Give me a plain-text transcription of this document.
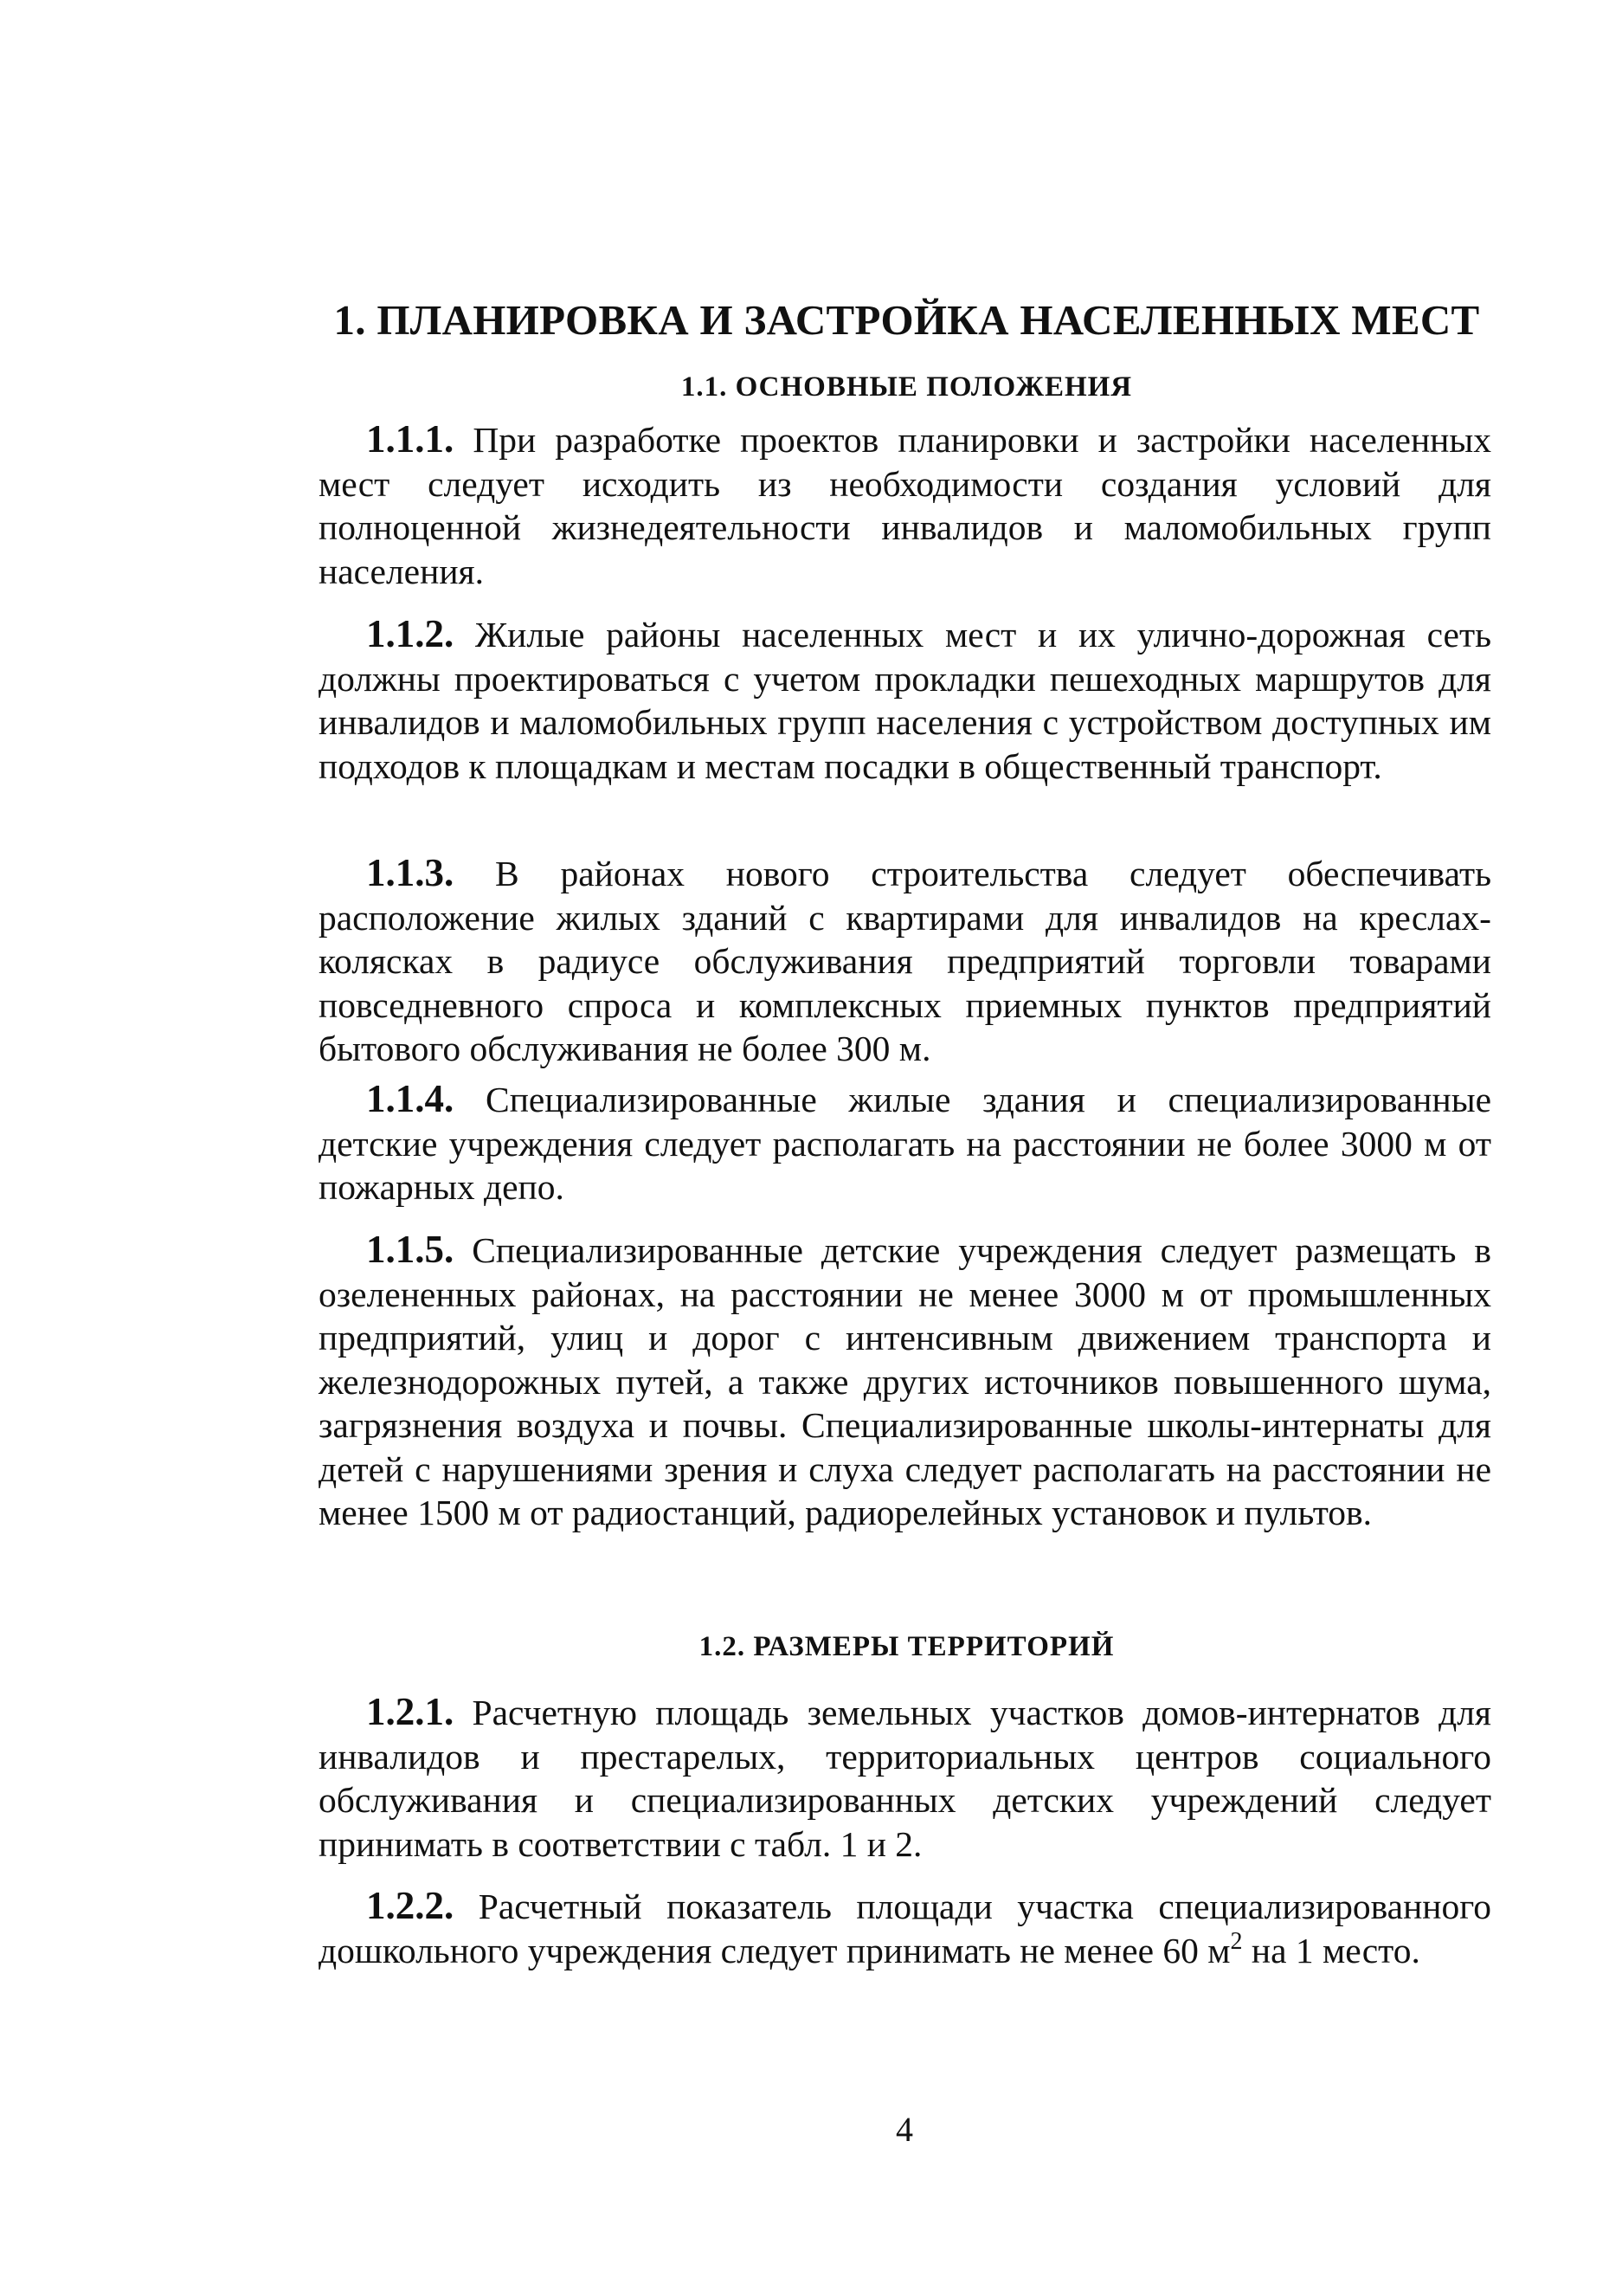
1. ПЛАНИРОВКА И ЗАСТРОЙКА НАСЕЛЕННЫХ МЕСТ
1.1. ОСНОВНЫЕ ПОЛОЖЕНИЯ

1.1.1. При разработке проектов планировки и застройки населенных мест следует исходить из необходимости создания условий для полноценной жизнедеятельности инвалидов и маломобильных групп населения.

1.1.2. Жилые районы населенных мест и их улично-дорожная сеть должны проектироваться с учетом прокладки пешеходных маршрутов для инвалидов и маломобильных групп населения с устройством доступных им подходов к площадкам и местам посадки в общественный транспорт.

1.1.3. В районах нового строительства следует обеспечивать расположение жилых зданий с квартирами для инвалидов на креслах-колясках в радиусе обслуживания предприятий торговли товарами повседневного спроса и комплексных приемных пунктов предприятий бытового обслуживания не более 300 м.

1.1.4. Специализированные жилые здания и специализированные детские учреждения следует располагать на расстоянии не более 3000 м от пожарных депо.

1.1.5. Специализированные детские учреждения следует размещать в озелененных районах, на расстоянии не менее 3000 м от промышленных предприятий, улиц и дорог с интенсивным движением транспорта и железнодорожных путей, а также других источников повышенного шума, загрязнения воздуха и почвы. Специализированные школы-интернаты для детей с нарушениями зрения и слуха следует располагать на расстоянии не менее 1500 м от радиостанций, радиорелейных установок и пультов.

1.2. РАЗМЕРЫ ТЕРРИТОРИЙ

1.2.1. Расчетную площадь земельных участков домов-интернатов для инвалидов и престарелых, территориальных центров социального обслуживания и специализированных детских учреждений следует принимать в соответствии с табл. 1 и 2.

1.2.2. Расчетный показатель площади участка специализированного дошкольного учреждения следует принимать не менее 60 $м^2$ на 1 место.

4
